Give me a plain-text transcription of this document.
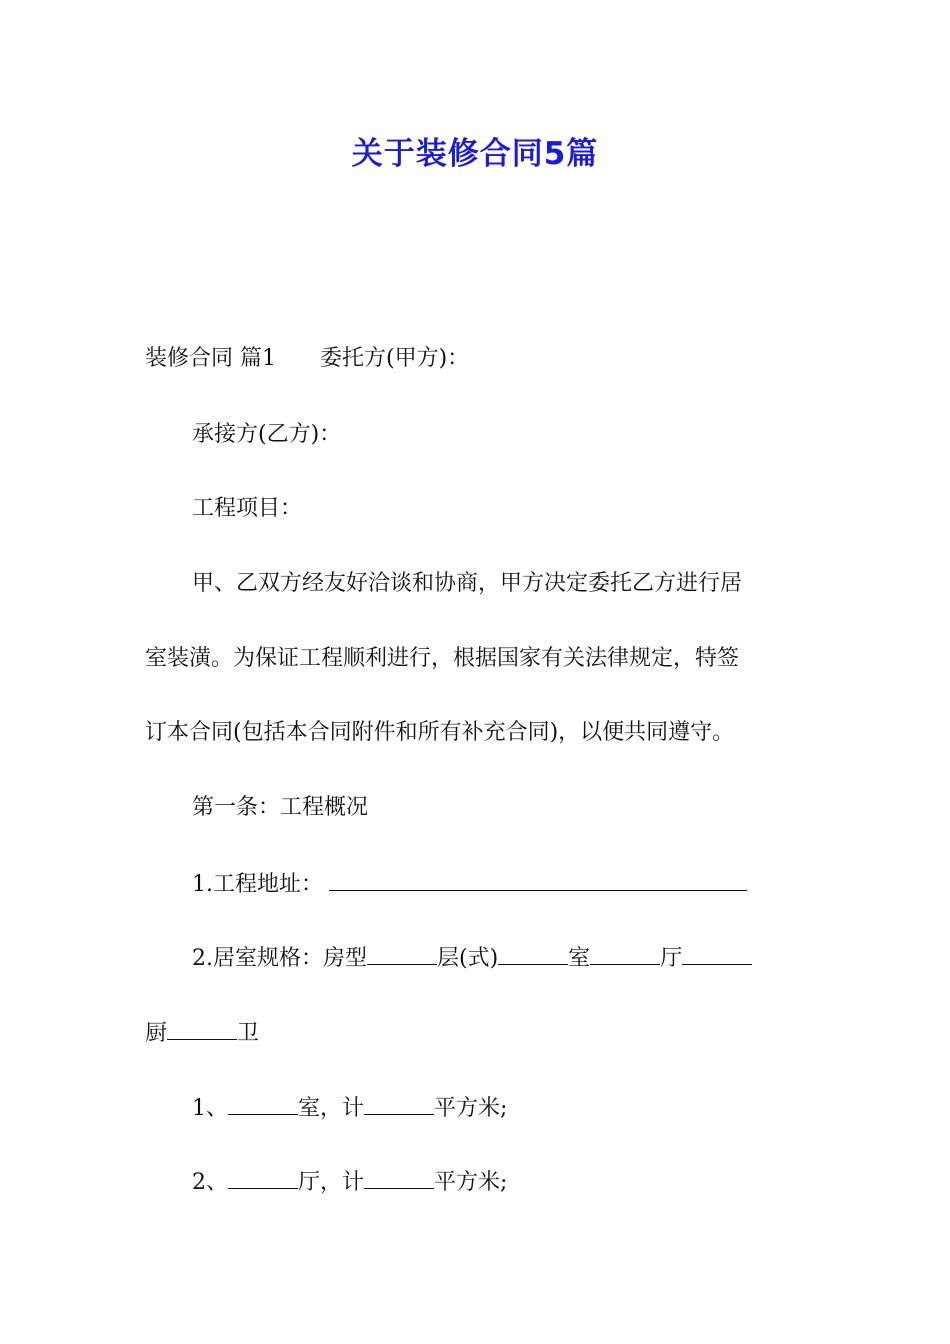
关于装修合同5篇
装修合同 篇1 委托方(甲方)：
承接方(乙方)：
工程项目：
甲、乙双方经友好洽谈和协商，甲方决定委托乙方进行居
室装潢。为保证工程顺利进行，根据国家有关法律规定，特签
订本合同(包括本合同附件和所有补充合同)，以便共同遵守。
第一条：工程概况
1.工程地址：
2.居室规格：房型	层(式)	室	厅
厨	卫
1、	室，计	平方米;
2、	厅，计	平方米;
